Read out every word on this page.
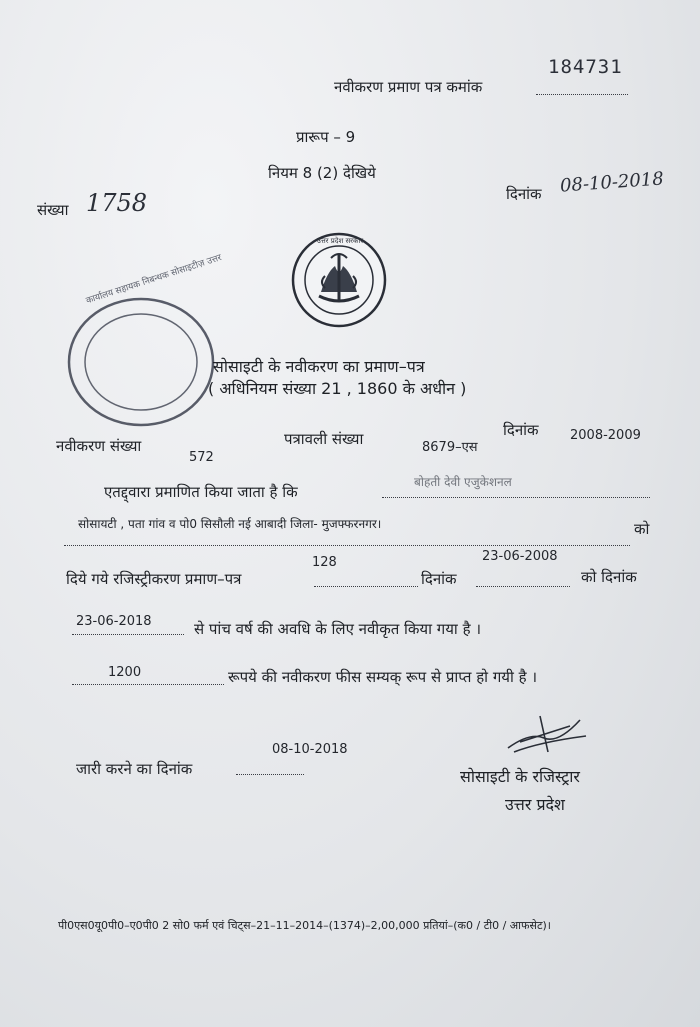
नवीकरण प्रमाण पत्र कमांक
184731
प्रारूप – 9
नियम 8 (2) देखिये
संख्या 1758	दिनांक 08-10-2018
उत्तर प्रदेश सरकार
कार्यालय सहायक निबन्धक सोसाइटीज़ उत्तर
सोसाइटी के नवीकरण का प्रमाण–पत्र
( अधिनियम संख्या 21 , 1860 के अधीन )
नवीकरण संख्या
572
पत्रावली संख्या	8679–एस
दिनांक 2008-2009
एतद्द्वारा प्रमाणित किया जाता है कि
बोहती देवी एजुकेशनल
सोसायटी , पता गांव व पो0 सिसौली नई आबादी जिला- मुजफ्फरनगर।	को
128	23-06-2008
दिये गये रजिस्ट्रीकरण प्रमाण–पत्र	दिनांक	को दिनांक
23-06-2018	से पांच वर्ष की अवधि के लिए नवीकृत किया गया है ।
1200	रूपये की नवीकरण फीस सम्यक् रूप से प्राप्त हो गयी है ।
08-10-2018
जारी करने का दिनांक	सोसाइटी के रजिस्ट्रार
उत्तर प्रदेश
पी0एस0यू0पी0–ए0पी0 2 सो0 फर्म एवं चिट्स–21–11–2014–(1374)–2,00,000 प्रतियां–(क0 / टी0 / आफसेट)।
